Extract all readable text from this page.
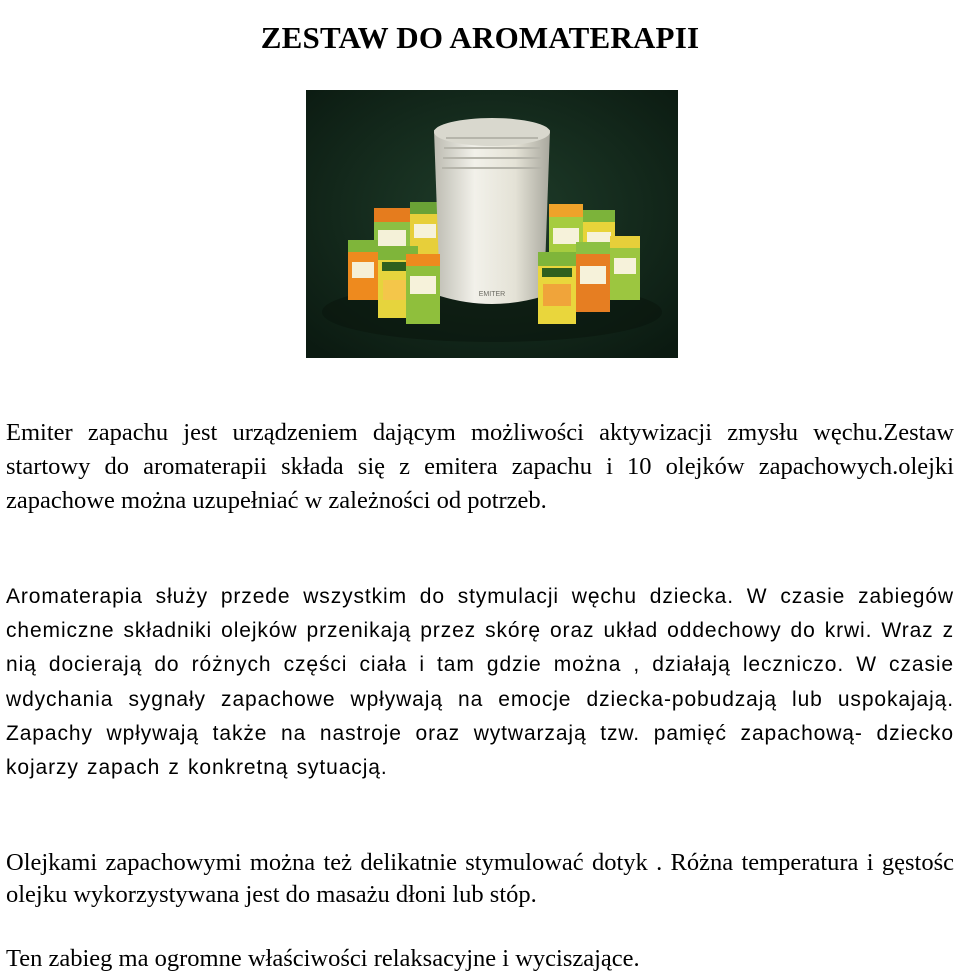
ZESTAW DO AROMATERAPII
EMITER

Emiter zapachu jest urządzeniem dającym możliwości aktywizacji zmysłu węchu.Zestaw startowy do aromaterapii składa się z emitera zapachu i 10 olejków zapachowych.olejki zapachowe można uzupełniać w zależności od potrzeb.

Aromaterapia służy przede wszystkim do stymulacji węchu dziecka. W czasie zabiegów chemiczne składniki olejków przenikają przez skórę oraz układ oddechowy do krwi. Wraz z nią docierają do różnych części ciała i tam gdzie można , działają leczniczo. W czasie wdychania sygnały zapachowe wpływają na emocje dziecka-pobudzają lub uspokajają. Zapachy wpływają także na nastroje oraz wytwarzają tzw. pamięć zapachową- dziecko kojarzy zapach z konkretną sytuacją.

Olejkami zapachowymi można też delikatnie stymulować dotyk . Różna temperatura i gęstośc olejku wykorzystywana jest do masażu dłoni lub stóp.

Ten zabieg ma ogromne właściwości relaksacyjne i wyciszające.
